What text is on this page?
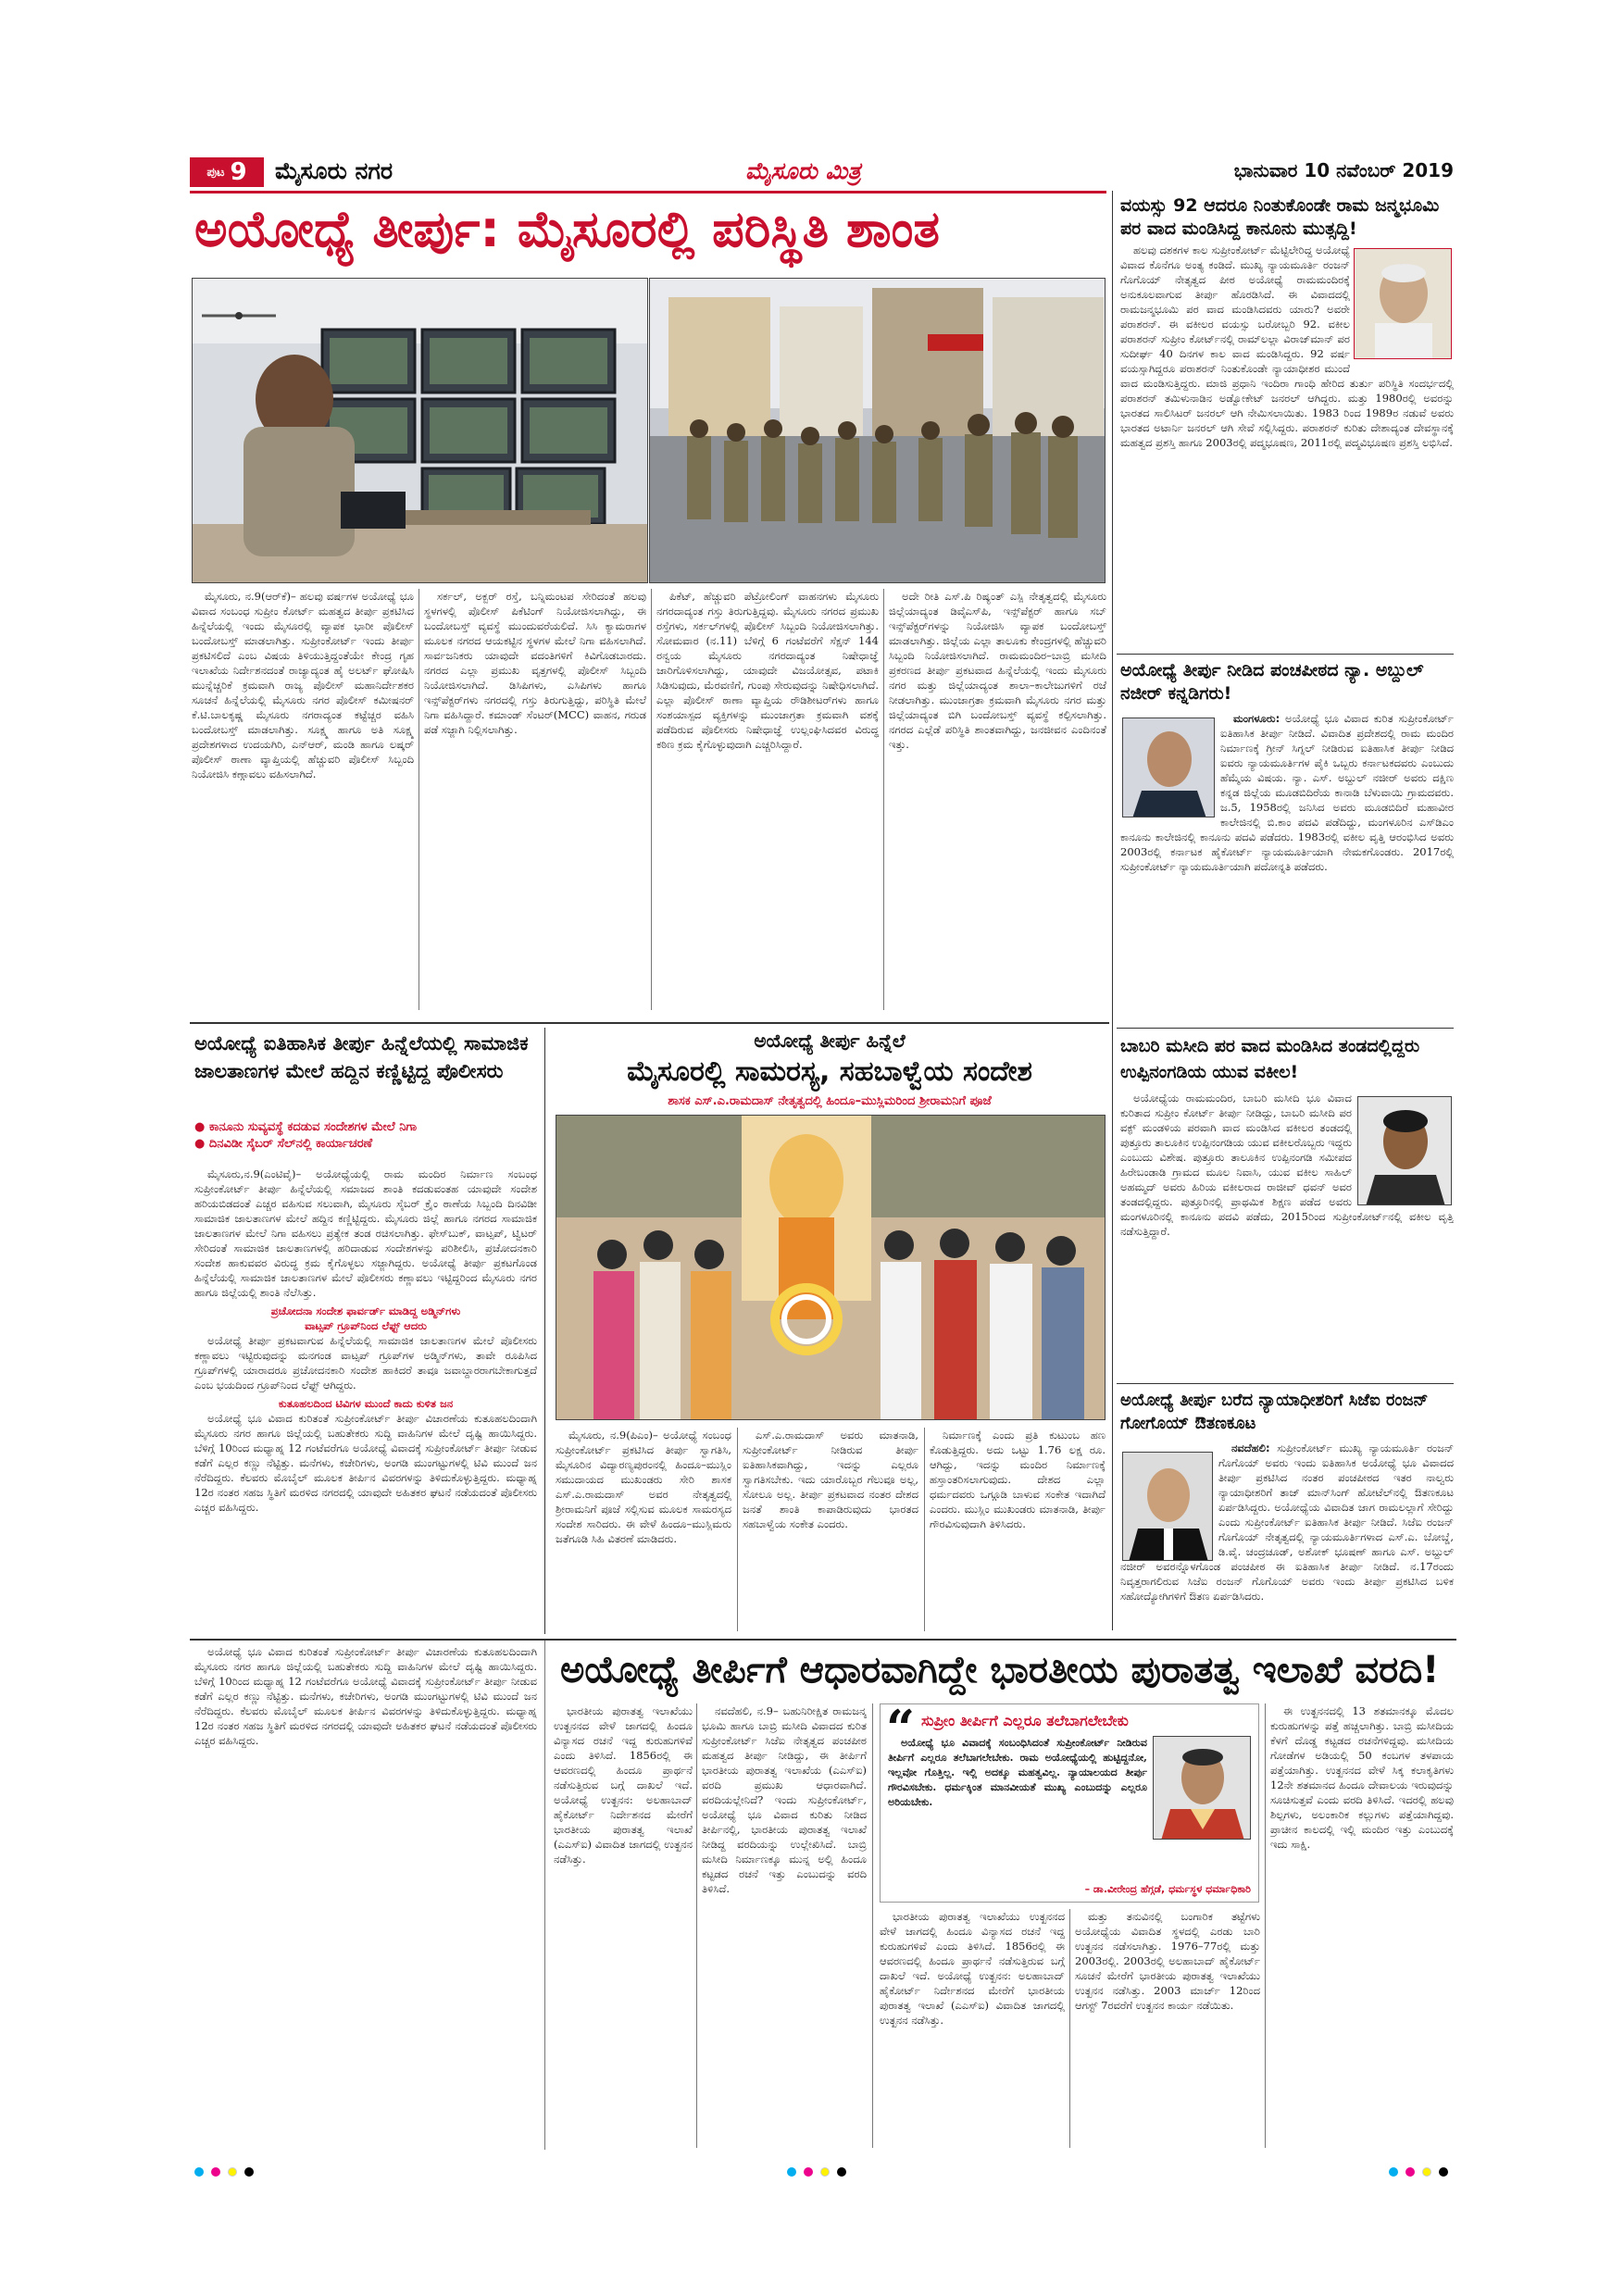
ಪುಟ 9 ಮೈಸೂರು ನಗರ	ಮೈಸೂರು ಮಿತ್ರ	ಭಾನುವಾರ 10 ನವೆಂಬರ್ 2019
ಅಯೋಧ್ಯೆ ತೀರ್ಪು: ಮೈಸೂರಲ್ಲಿ ಪರಿಸ್ಥಿತಿ ಶಾಂತ

ಮೈಸೂರು, ನ.9(ಆರ್‌ಕೆ)– ಹಲವು ವರ್ಷಗಳ ಅಯೋಧ್ಯೆ ಭೂ ವಿವಾದ ಸಂಬಂಧ ಸುಪ್ರೀಂ ಕೋರ್ಟ್ ಮಹತ್ವದ ತೀರ್ಪು ಪ್ರಕಟಿಸಿದ ಹಿನ್ನೆಲೆಯಲ್ಲಿ ಇಂದು ಮೈಸೂರಲ್ಲಿ ವ್ಯಾಪಕ ಭಾರೀ ಪೊಲೀಸ್ ಬಂದೋಬಸ್ತ್ ಮಾಡಲಾಗಿತ್ತು. ಸುಪ್ರೀಂಕೋರ್ಟ್ ಇಂದು ತೀರ್ಪು ಪ್ರಕಟಿಸಲಿದೆ ಎಂಬ ವಿಷಯ ತಿಳಿಯುತ್ತಿದ್ದಂತೆಯೇ ಕೇಂದ್ರ ಗೃಹ ಇಲಾಖೆಯ ನಿರ್ದೇಶನದಂತೆ ರಾಜ್ಯಾದ್ಯಂತ ಹೈ ಅಲರ್ಟ್ ಘೋಷಿಸಿ ಮುನ್ನೆಚ್ಚರಿಕೆ ಕ್ರಮವಾಗಿ ರಾಜ್ಯ ಪೊಲೀಸ್ ಮಹಾನಿರ್ದೇಶಕರ ಸೂಚನೆ ಹಿನ್ನೆಲೆಯಲ್ಲಿ ಮೈಸೂರು ನಗರ ಪೊಲೀಸ್ ಕಮೀಷನರ್ ಕೆ.ಟಿ.ಬಾಲಕೃಷ್ಣ ಮೈಸೂರು ನಗರಾದ್ಯಂತ ಕಟ್ಟೆಚ್ಚರ ವಹಿಸಿ ಬಂದೋಬಸ್ತ್ ಮಾಡಲಾಗಿತ್ತು. ಸೂಕ್ಷ್ಮ ಹಾಗೂ ಅತಿ ಸೂಕ್ಷ್ಮ ಪ್ರದೇಶಗಳಾದ ಉದಯಗಿರಿ, ಎನ್‌ಆರ್, ಮಂಡಿ ಹಾಗೂ ಲಷ್ಕರ್ ಪೊಲೀಸ್ ಠಾಣಾ ವ್ಯಾಪ್ತಿಯಲ್ಲಿ ಹೆಚ್ಚುವರಿ ಪೊಲೀಸ್ ಸಿಬ್ಬಂದಿ ನಿಯೋಜಿಸಿ ಕಣ್ಗಾವಲು ವಹಿಸಲಾಗಿದೆ.

ಸರ್ಕಲ್, ಅಕ್ಬರ್ ರಸ್ತೆ, ಬನ್ನಿಮಂಟಪ ಸೇರಿದಂತೆ ಹಲವು ಸ್ಥಳಗಳಲ್ಲಿ ಪೊಲೀಸ್ ಪಿಕೆಟಿಂಗ್ ನಿಯೋಜಿಸಲಾಗಿದ್ದು, ಈ ಬಂದೋಬಸ್ತ್ ವ್ಯವಸ್ಥೆ ಮುಂದುವರೆಯಲಿದೆ. ಸಿಸಿ ಕ್ಯಾಮರಾಗಳ ಮೂಲಕ ನಗರದ ಆಯಕಟ್ಟಿನ ಸ್ಥಳಗಳ ಮೇಲೆ ನಿಗಾ ವಹಿಸಲಾಗಿದೆ. ಸಾರ್ವಜನಿಕರು ಯಾವುದೇ ವದಂತಿಗಳಿಗೆ ಕಿವಿಗೊಡಬಾರದು. ನಗರದ ಎಲ್ಲಾ ಪ್ರಮುಖ ವೃತ್ತಗಳಲ್ಲಿ ಪೊಲೀಸ್ ಸಿಬ್ಬಂದಿ ನಿಯೋಜಿಸಲಾಗಿದೆ. ಡಿಸಿಪಿಗಳು, ಎಸಿಪಿಗಳು ಹಾಗೂ ಇನ್ಸ್‌ಪೆಕ್ಟರ್‌ಗಳು ನಗರದಲ್ಲಿ ಗಸ್ತು ತಿರುಗುತ್ತಿದ್ದು, ಪರಿಸ್ಥಿತಿ ಮೇಲೆ ನಿಗಾ ವಹಿಸಿದ್ದಾರೆ. ಕಮಾಂಡ್ ಸೆಂಟರ್(MCC) ವಾಹನ, ಗರುಡ ಪಡೆ ಸಜ್ಜಾಗಿ ನಿಲ್ಲಿಸಲಾಗಿತ್ತು.

ಪಿಕೆಟ್, ಹೆಚ್ಚುವರಿ ಪೆಟ್ರೋಲಿಂಗ್ ವಾಹನಗಳು ಮೈಸೂರು ನಗರದಾದ್ಯಂತ ಗಸ್ತು ತಿರುಗುತ್ತಿದ್ದವು. ಮೈಸೂರು ನಗರದ ಪ್ರಮುಖ ರಸ್ತೆಗಳು, ಸರ್ಕಲ್‌ಗಳಲ್ಲಿ ಪೊಲೀಸ್ ಸಿಬ್ಬಂದಿ ನಿಯೋಜಿಸಲಾಗಿತ್ತು. ಸೋಮವಾರ (ನ.11) ಬೆಳಿಗ್ಗೆ 6 ಗಂಟೆವರೆಗೆ ಸೆಕ್ಷನ್ 144 ರನ್ವಯ ಮೈಸೂರು ನಗರದಾದ್ಯಂತ ನಿಷೇಧಾಜ್ಞೆ ಜಾರಿಗೊಳಿಸಲಾಗಿದ್ದು, ಯಾವುದೇ ವಿಜಯೋತ್ಸವ, ಪಟಾಕಿ ಸಿಡಿಸುವುದು, ಮೆರವಣಿಗೆ, ಗುಂಪು ಸೇರುವುದನ್ನು ನಿಷೇಧಿಸಲಾಗಿದೆ. ಎಲ್ಲಾ ಪೊಲೀಸ್ ಠಾಣಾ ವ್ಯಾಪ್ತಿಯ ರೌಡಿಶೀಟರ್‌ಗಳು ಹಾಗೂ ಸಂಶಯಾಸ್ಪದ ವ್ಯಕ್ತಿಗಳನ್ನು ಮುಂಜಾಗ್ರತಾ ಕ್ರಮವಾಗಿ ವಶಕ್ಕೆ ಪಡೆದಿರುವ ಪೊಲೀಸರು ನಿಷೇಧಾಜ್ಞೆ ಉಲ್ಲಂಘಿಸಿದವರ ವಿರುದ್ಧ ಕಠಿಣ ಕ್ರಮ ಕೈಗೊಳ್ಳುವುದಾಗಿ ಎಚ್ಚರಿಸಿದ್ದಾರೆ.

ಅದೇ ರೀತಿ ಎಸ್.ಪಿ ರಿಷ್ಯಂತ್ ಎಸ್ಪಿ ನೇತೃತ್ವದಲ್ಲಿ ಮೈಸೂರು ಜಿಲ್ಲೆಯಾದ್ಯಂತ ಡಿವೈಎಸ್‌ಪಿ, ಇನ್ಸ್‌ಪೆಕ್ಟರ್ ಹಾಗೂ ಸಬ್ ಇನ್ಸ್‌ಪೆಕ್ಟರ್‌ಗಳನ್ನು ನಿಯೋಜಿಸಿ ವ್ಯಾಪಕ ಬಂದೋಬಸ್ತ್ ಮಾಡಲಾಗಿತ್ತು. ಜಿಲ್ಲೆಯ ಎಲ್ಲಾ ತಾಲೂಕು ಕೇಂದ್ರಗಳಲ್ಲಿ ಹೆಚ್ಚುವರಿ ಸಿಬ್ಬಂದಿ ನಿಯೋಜಿಸಲಾಗಿದೆ. ರಾಮಮಂದಿರ–ಬಾಬ್ರಿ ಮಸೀದಿ ಪ್ರಕರಣದ ತೀರ್ಪು ಪ್ರಕಟವಾದ ಹಿನ್ನೆಲೆಯಲ್ಲಿ ಇಂದು ಮೈಸೂರು ನಗರ ಮತ್ತು ಜಿಲ್ಲೆಯಾದ್ಯಂತ ಶಾಲಾ–ಕಾಲೇಜುಗಳಿಗೆ ರಜೆ ನೀಡಲಾಗಿತ್ತು. ಮುಂಜಾಗ್ರತಾ ಕ್ರಮವಾಗಿ ಮೈಸೂರು ನಗರ ಮತ್ತು ಜಿಲ್ಲೆಯಾದ್ಯಂತ ಬಿಗಿ ಬಂದೋಬಸ್ತ್ ವ್ಯವಸ್ಥೆ ಕಲ್ಪಿಸಲಾಗಿತ್ತು. ನಗರದ ಎಲ್ಲೆಡೆ ಪರಿಸ್ಥಿತಿ ಶಾಂತವಾಗಿದ್ದು, ಜನಜೀವನ ಎಂದಿನಂತೆ ಇತ್ತು.

ವಯಸ್ಸು 92 ಆದರೂ ನಿಂತುಕೊಂಡೇ ರಾಮ ಜನ್ಮಭೂಮಿ ಪರ ವಾದ ಮಂಡಿಸಿದ್ದ ಕಾನೂನು ಮುತ್ಸದ್ದಿ!

ಹಲವು ದಶಕಗಳ ಕಾಲ ಸುಪ್ರೀಂಕೋರ್ಟ್ ಮೆಟ್ಟಿಲೇರಿದ್ದ ಅಯೋಧ್ಯೆ ವಿವಾದ ಕೊನೆಗೂ ಅಂತ್ಯ ಕಂಡಿದೆ. ಮುಖ್ಯ ನ್ಯಾಯಮೂರ್ತಿ ರಂಜನ್ ಗೊಗೊಯ್ ನೇತೃತ್ವದ ಪೀಠ ಅಯೋಧ್ಯೆ ರಾಮಮಂದಿರಕ್ಕೆ ಅನುಕೂಲವಾಗುವ ತೀರ್ಪು ಹೊರಡಿಸಿದೆ. ಈ ವಿವಾದದಲ್ಲಿ ರಾಮಜನ್ಮಭೂಮಿ ಪರ ವಾದ ಮಂಡಿಸಿದವರು ಯಾರು? ಅವರೇ ಪರಾಶರನ್. ಈ ವಕೀಲರ ವಯಸ್ಸು ಬರೋಬ್ಬರಿ 92. ವಕೀಲ ಪರಾಶರನ್ ಸುಪ್ರೀಂ ಕೋರ್ಟ್‌ನಲ್ಲಿ ರಾಮ್‌ಲಲ್ಲಾ ವಿರಾಜ್‌ಮಾನ್ ಪರ ಸುದೀರ್ಘ 40 ದಿನಗಳ ಕಾಲ ವಾದ ಮಂಡಿಸಿದ್ದರು. 92 ವರ್ಷ ವಯಸ್ಸಾಗಿದ್ದರೂ ಪರಾಶರನ್ ನಿಂತುಕೊಂಡೇ ನ್ಯಾಯಾಧೀಶರ ಮುಂದೆ ವಾದ ಮಂಡಿಸುತ್ತಿದ್ದರು. ಮಾಜಿ ಪ್ರಧಾನಿ ಇಂದಿರಾ ಗಾಂಧಿ ಹೇರಿದ ತುರ್ತು ಪರಿಸ್ಥಿತಿ ಸಂದರ್ಭದಲ್ಲಿ ಪರಾಶರನ್ ತಮಿಳುನಾಡಿನ ಅಡ್ವೋಕೇಟ್ ಜನರಲ್ ಆಗಿದ್ದರು. ಮತ್ತು 1980ರಲ್ಲಿ ಅವರನ್ನು ಭಾರತದ ಸಾಲಿಸಿಟರ್ ಜನರಲ್ ಆಗಿ ನೇಮಿಸಲಾಯಿತು. 1983 ರಿಂದ 1989ರ ನಡುವೆ ಅವರು ಭಾರತದ ಅಟಾರ್ನಿ ಜನರಲ್ ಆಗಿ ಸೇವೆ ಸಲ್ಲಿಸಿದ್ದರು. ಪರಾಶರನ್ ಕುರಿತು ದೇಶಾದ್ಯಂತ ದೇವಸ್ಥಾನಕ್ಕೆ ಮಹತ್ವದ ಪ್ರಶಸ್ತಿ ಹಾಗೂ 2003ರಲ್ಲಿ ಪದ್ಮಭೂಷಣ, 2011ರಲ್ಲಿ ಪದ್ಮವಿಭೂಷಣ ಪ್ರಶಸ್ತಿ ಲಭಿಸಿದೆ.

ಅಯೋಧ್ಯೆ ತೀರ್ಪು ನೀಡಿದ ಪಂಚಪೀಠದ ನ್ಯಾ. ಅಬ್ದುಲ್ ನಜೀರ್ ಕನ್ನಡಿಗರು!

ಮಂಗಳೂರು: ಅಯೋಧ್ಯೆ ಭೂ ವಿವಾದ ಕುರಿತ ಸುಪ್ರೀಂಕೋರ್ಟ್ ಐತಿಹಾಸಿಕ ತೀರ್ಪು ನೀಡಿದೆ. ವಿವಾದಿತ ಪ್ರದೇಶದಲ್ಲಿ ರಾಮ ಮಂದಿರ ನಿರ್ಮಾಣಕ್ಕೆ ಗ್ರೀನ್ ಸಿಗ್ನಲ್ ನೀಡಿರುವ ಐತಿಹಾಸಿಕ ತೀರ್ಪು ನೀಡಿದ ಐವರು ನ್ಯಾಯಮೂರ್ತಿಗಳ ಪೈಕಿ ಒಬ್ಬರು ಕರ್ನಾಟಕದವರು ಎಂಬುದು ಹೆಮ್ಮೆಯ ವಿಷಯ. ನ್ಯಾ. ಎಸ್. ಅಬ್ದುಲ್ ನಜೀರ್ ಅವರು ದಕ್ಷಿಣ ಕನ್ನಡ ಜಿಲ್ಲೆಯ ಮೂಡಬಿದಿರೆಯ ಕಾನಾಡಿ ಬೆಳುವಾಯಿ ಗ್ರಾಮದವರು. ಜ.5, 1958ರಲ್ಲಿ ಜನಿಸಿದ ಅವರು ಮೂಡಬಿದಿರೆ ಮಹಾವೀರ ಕಾಲೇಜಿನಲ್ಲಿ ಬಿ.ಕಾಂ ಪದವಿ ಪಡೆದಿದ್ದು, ಮಂಗಳೂರಿನ ಎಸ್‌ಡಿಎಂ ಕಾನೂನು ಕಾಲೇಜಿನಲ್ಲಿ ಕಾನೂನು ಪದವಿ ಪಡೆದರು. 1983ರಲ್ಲಿ ವಕೀಲ ವೃತ್ತಿ ಆರಂಭಿಸಿದ ಅವರು 2003ರಲ್ಲಿ ಕರ್ನಾಟಕ ಹೈಕೋರ್ಟ್ ನ್ಯಾಯಮೂರ್ತಿಯಾಗಿ ನೇಮಕಗೊಂಡರು. 2017ರಲ್ಲಿ ಸುಪ್ರೀಂಕೋರ್ಟ್ ನ್ಯಾಯಮೂರ್ತಿಯಾಗಿ ಪದೋನ್ನತಿ ಪಡೆದರು.

ಬಾಬರಿ ಮಸೀದಿ ಪರ ವಾದ ಮಂಡಿಸಿದ ತಂಡದಲ್ಲಿದ್ದರು ಉಪ್ಪಿನಂಗಡಿಯ ಯುವ ವಕೀಲ!

ಅಯೋಧ್ಯೆಯ ರಾಮಮಂದಿರ, ಬಾಬರಿ ಮಸೀದಿ ಭೂ ವಿವಾದ ಕುರಿತಾದ ಸುಪ್ರೀಂ ಕೋರ್ಟ್ ತೀರ್ಪು ನೀಡಿದ್ದು, ಬಾಬರಿ ಮಸೀದಿ ಪರ ವಕ್ಫ್ ಮಂಡಳಿಯ ಪರವಾಗಿ ವಾದ ಮಂಡಿಸಿದ ವಕೀಲರ ತಂಡದಲ್ಲಿ ಪುತ್ತೂರು ತಾಲೂಕಿನ ಉಪ್ಪಿನಂಗಡಿಯ ಯುವ ವಕೀಲರೊಬ್ಬರು ಇದ್ದರು ಎಂಬುದು ವಿಶೇಷ. ಪುತ್ತೂರು ತಾಲೂಕಿನ ಉಪ್ಪಿನಂಗಡಿ ಸಮೀಪದ ಹಿರೇಬಂಡಾಡಿ ಗ್ರಾಮದ ಮೂಲ ನಿವಾಸಿ, ಯುವ ವಕೀಲ ಸಾಹಿಲ್ ಅಹಮ್ಮದ್ ಅವರು ಹಿರಿಯ ವಕೀಲರಾದ ರಾಜೀವ್ ಧವನ್ ಅವರ ತಂಡದಲ್ಲಿದ್ದರು. ಪುತ್ತೂರಿನಲ್ಲಿ ಪ್ರಾಥಮಿಕ ಶಿಕ್ಷಣ ಪಡೆದ ಅವರು ಮಂಗಳೂರಿನಲ್ಲಿ ಕಾನೂನು ಪದವಿ ಪಡೆದು, 2015ರಿಂದ ಸುಪ್ರೀಂಕೋರ್ಟ್‌ನಲ್ಲಿ ವಕೀಲ ವೃತ್ತಿ ನಡೆಸುತ್ತಿದ್ದಾರೆ.

ಅಯೋಧ್ಯೆ ತೀರ್ಪು ಬರೆದ ನ್ಯಾಯಾಧೀಶರಿಗೆ ಸಿಜೆಐ ರಂಜನ್ ಗೋಗೊಯ್ ಔತಣಕೂಟ

ನವದೆಹಲಿ: ಸುಪ್ರೀಂಕೋರ್ಟ್ ಮುಖ್ಯ ನ್ಯಾಯಮೂರ್ತಿ ರಂಜನ್ ಗೊಗೊಯ್ ಅವರು ಇಂದು ಐತಿಹಾಸಿಕ ಅಯೋಧ್ಯೆ ಭೂ ವಿವಾದದ ತೀರ್ಪು ಪ್ರಕಟಿಸಿದ ನಂತರ ಪಂಚಪೀಠದ ಇತರ ನಾಲ್ವರು ನ್ಯಾಯಾಧೀಶರಿಗೆ ತಾಜ್ ಮಾನ್‌ಸಿಂಗ್ ಹೋಟೆಲ್‌ನಲ್ಲಿ ಔತಣಕೂಟ ಏರ್ಪಡಿಸಿದ್ದರು. ಅಯೋಧ್ಯೆಯ ವಿವಾದಿತ ಜಾಗ ರಾಮಲಲ್ಲಾಗೆ ಸೇರಿದ್ದು ಎಂದು ಸುಪ್ರೀಂಕೋರ್ಟ್ ಐತಿಹಾಸಿಕ ತೀರ್ಪು ನೀಡಿದೆ. ಸಿಜೆಐ ರಂಜನ್ ಗೊಗೊಯ್ ನೇತೃತ್ವದಲ್ಲಿ ನ್ಯಾಯಮೂರ್ತಿಗಳಾದ ಎಸ್.ಎ. ಬೋಬ್ಡೆ, ಡಿ.ವೈ. ಚಂದ್ರಚೂಡ್, ಅಶೋಕ್ ಭೂಷಣ್ ಹಾಗೂ ಎಸ್. ಅಬ್ದುಲ್ ನಜೀರ್ ಅವರನ್ನೊಳಗೊಂಡ ಪಂಚಪೀಠ ಈ ಐತಿಹಾಸಿಕ ತೀರ್ಪು ನೀಡಿದೆ. ನ.17ರಂದು ನಿವೃತ್ತರಾಗಲಿರುವ ಸಿಜೆಐ ರಂಜನ್ ಗೊಗೊಯ್ ಅವರು ಇಂದು ತೀರ್ಪು ಪ್ರಕಟಿಸಿದ ಬಳಿಕ ಸಹೋದ್ಯೋಗಿಗಳಿಗೆ ಔತಣ ಏರ್ಪಡಿಸಿದರು.

ಅಯೋಧ್ಯೆ ಐತಿಹಾಸಿಕ ತೀರ್ಪು ಹಿನ್ನೆಲೆಯಲ್ಲಿ ಸಾಮಾಜಿಕ ಜಾಲತಾಣಗಳ ಮೇಲೆ ಹದ್ದಿನ ಕಣ್ಣಿಟ್ಟಿದ್ದ ಪೊಲೀಸರು
● ಕಾನೂನು ಸುವ್ಯವಸ್ಥೆ ಕದಡುವ ಸಂದೇಶಗಳ ಮೇಲೆ ನಿಗಾ
● ದಿನವಿಡೀ ಸೈಬರ್ ಸೆಲ್‌ನಲ್ಲಿ ಕಾರ್ಯಾಚರಣೆ

ಮೈಸೂರು,ನ.9(ಎಂಟಿವೈ)– ಅಯೋಧ್ಯೆಯಲ್ಲಿ ರಾಮ ಮಂದಿರ ನಿರ್ಮಾಣ ಸಂಬಂಧ ಸುಪ್ರೀಂಕೋರ್ಟ್ ತೀರ್ಪು ಹಿನ್ನೆಲೆಯಲ್ಲಿ ಸಮಾಜದ ಶಾಂತಿ ಕದಡುವಂತಹ ಯಾವುದೇ ಸಂದೇಶ ಹರಿಯಬಿಡದಂತೆ ಎಚ್ಚರ ವಹಿಸುವ ಸಲುವಾಗಿ, ಮೈಸೂರು ಸೈಬರ್ ಕ್ರೈಂ ಠಾಣೆಯ ಸಿಬ್ಬಂದಿ ದಿನವಿಡೀ ಸಾಮಾಜಿಕ ಜಾಲತಾಣಗಳ ಮೇಲೆ ಹದ್ದಿನ ಕಣ್ಣಿಟ್ಟಿದ್ದರು. ಮೈಸೂರು ಜಿಲ್ಲೆ ಹಾಗೂ ನಗರದ ಸಾಮಾಜಿಕ ಜಾಲತಾಣಗಳ ಮೇಲೆ ನಿಗಾ ವಹಿಸಲು ಪ್ರತ್ಯೇಕ ತಂಡ ರಚಿಸಲಾಗಿತ್ತು. ಫೇಸ್‌ಬುಕ್, ವಾಟ್ಸಪ್, ಟ್ವಿಟರ್ ಸೇರಿದಂತೆ ಸಾಮಾಜಿಕ ಜಾಲತಾಣಗಳಲ್ಲಿ ಹರಿದಾಡುವ ಸಂದೇಶಗಳನ್ನು ಪರಿಶೀಲಿಸಿ, ಪ್ರಚೋದನಕಾರಿ ಸಂದೇಶ ಹಾಕುವವರ ವಿರುದ್ಧ ಕ್ರಮ ಕೈಗೊಳ್ಳಲು ಸಜ್ಜಾಗಿದ್ದರು. ಅಯೋಧ್ಯೆ ತೀರ್ಪು ಪ್ರಕಟಗೊಂಡ ಹಿನ್ನೆಲೆಯಲ್ಲಿ ಸಾಮಾಜಿಕ ಜಾಲತಾಣಗಳ ಮೇಲೆ ಪೊಲೀಸರು ಕಣ್ಣಾವಲು ಇಟ್ಟಿದ್ದರಿಂದ ಮೈಸೂರು ನಗರ ಹಾಗೂ ಜಿಲ್ಲೆಯಲ್ಲಿ ಶಾಂತಿ ನೆಲೆಸಿತ್ತು.

ಪ್ರಚೋದನಾ ಸಂದೇಶ ಫಾರ್ವರ್ಡ್ ಮಾಡಿದ್ದ ಅಡ್ಮಿನ್‌ಗಳು
ವಾಟ್ಸಪ್ ಗ್ರೂಪ್‌ನಿಂದ ಲೆಫ್ಟ್ ಆದರು

ಅಯೋಧ್ಯೆ ತೀರ್ಪು ಪ್ರಕಟವಾಗುವ ಹಿನ್ನೆಲೆಯಲ್ಲಿ ಸಾಮಾಜಿಕ ಜಾಲತಾಣಗಳ ಮೇಲೆ ಪೊಲೀಸರು ಕಣ್ಣಾವಲು ಇಟ್ಟಿರುವುದನ್ನು ಮನಗಂಡ ವಾಟ್ಸಪ್ ಗ್ರೂಪ್‌ಗಳ ಅಡ್ಮಿನ್‌ಗಳು, ತಾವೇ ರೂಪಿಸಿದ ಗ್ರೂಪ್‌ಗಳಲ್ಲಿ ಯಾರಾದರೂ ಪ್ರಚೋದನಕಾರಿ ಸಂದೇಶ ಹಾಕಿದರೆ ತಾವೂ ಜವಾಬ್ದಾರರಾಗಬೇಕಾಗುತ್ತದೆ ಎಂಬ ಭಯದಿಂದ ಗ್ರೂಪ್‌ನಿಂದ ಲೆಫ್ಟ್ ಆಗಿದ್ದರು.

ಕುತೂಹಲದಿಂದ ಟಿವಿಗಳ ಮುಂದೆ ಕಾದು ಕುಳಿತ ಜನ

ಅಯೋಧ್ಯೆ ಭೂ ವಿವಾದ ಕುರಿತಂತೆ ಸುಪ್ರೀಂಕೋರ್ಟ್ ತೀರ್ಪು ವಿಚಾರಣೆಯ ಕುತೂಹಲದಿಂದಾಗಿ ಮೈಸೂರು ನಗರ ಹಾಗೂ ಜಿಲ್ಲೆಯಲ್ಲಿ ಬಹುತೇಕರು ಸುದ್ದಿ ವಾಹಿನಿಗಳ ಮೇಲೆ ದೃಷ್ಟಿ ಹಾಯಿಸಿದ್ದರು. ಬೆಳಿಗ್ಗೆ 10ರಿಂದ ಮಧ್ಯಾಹ್ನ 12 ಗಂಟೆವರೆಗೂ ಅಯೋಧ್ಯೆ ವಿವಾದಕ್ಕೆ ಸುಪ್ರೀಂಕೋರ್ಟ್ ತೀರ್ಪು ನೀಡುವ ಕಡೆಗೆ ಎಲ್ಲರ ಕಣ್ಣು ನೆಟ್ಟಿತ್ತು. ಮನೆಗಳು, ಕಚೇರಿಗಳು, ಅಂಗಡಿ ಮುಂಗಟ್ಟುಗಳಲ್ಲಿ ಟಿವಿ ಮುಂದೆ ಜನ ನೆರೆದಿದ್ದರು. ಕೆಲವರು ಮೊಬೈಲ್ ಮೂಲಕ ತೀರ್ಪಿನ ವಿವರಗಳನ್ನು ತಿಳಿದುಕೊಳ್ಳುತ್ತಿದ್ದರು. ಮಧ್ಯಾಹ್ನ 12ರ ನಂತರ ಸಹಜ ಸ್ಥಿತಿಗೆ ಮರಳಿದ ನಗರದಲ್ಲಿ ಯಾವುದೇ ಅಹಿತಕರ ಘಟನೆ ನಡೆಯದಂತೆ ಪೊಲೀಸರು ಎಚ್ಚರ ವಹಿಸಿದ್ದರು.

ಅಯೋಧ್ಯೆ ತೀರ್ಪು ಹಿನ್ನೆಲೆ
ಮೈಸೂರಲ್ಲಿ ಸಾಮರಸ್ಯ, ಸಹಬಾಳ್ವೆಯ ಸಂದೇಶ
ಶಾಸಕ ಎಸ್.ಎ.ರಾಮದಾಸ್ ನೇತೃತ್ವದಲ್ಲಿ ಹಿಂದೂ–ಮುಸ್ಲಿಮರಿಂದ ಶ್ರೀರಾಮನಿಗೆ ಪೂಜೆ

ಮೈಸೂರು, ನ.9(ಪಿಎಂ)– ಅಯೋಧ್ಯೆ ಸಂಬಂಧ ಸುಪ್ರೀಂಕೋರ್ಟ್ ಪ್ರಕಟಿಸಿದ ತೀರ್ಪು ಸ್ವಾಗತಿಸಿ, ಮೈಸೂರಿನ ವಿದ್ಯಾರಣ್ಯಪುರಂನಲ್ಲಿ ಹಿಂದೂ–ಮುಸ್ಲಿಂ ಸಮುದಾಯದ ಮುಖಂಡರು ಸೇರಿ ಶಾಸಕ ಎಸ್.ಎ.ರಾಮದಾಸ್ ಅವರ ನೇತೃತ್ವದಲ್ಲಿ ಶ್ರೀರಾಮನಿಗೆ ಪೂಜೆ ಸಲ್ಲಿಸುವ ಮೂಲಕ ಸಾಮರಸ್ಯದ ಸಂದೇಶ ಸಾರಿದರು. ಈ ವೇಳೆ ಹಿಂದೂ–ಮುಸ್ಲಿಮರು ಜತೆಗೂಡಿ ಸಿಹಿ ವಿತರಣೆ ಮಾಡಿದರು.

ಎಸ್.ಎ.ರಾಮದಾಸ್ ಅವರು ಮಾತನಾಡಿ, ಸುಪ್ರೀಂಕೋರ್ಟ್ ನೀಡಿರುವ ತೀರ್ಪು ಐತಿಹಾಸಿಕವಾಗಿದ್ದು, ಇದನ್ನು ಎಲ್ಲರೂ ಸ್ವಾಗತಿಸಬೇಕು. ಇದು ಯಾರೊಬ್ಬರ ಗೆಲುವೂ ಅಲ್ಲ, ಸೋಲೂ ಅಲ್ಲ. ತೀರ್ಪು ಪ್ರಕಟವಾದ ನಂತರ ದೇಶದ ಜನತೆ ಶಾಂತಿ ಕಾಪಾಡಿರುವುದು ಭಾರತದ ಸಹಬಾಳ್ವೆಯ ಸಂಕೇತ ಎಂದರು.

ನಿರ್ಮಾಣಕ್ಕೆ ಎಂದು ಪ್ರತಿ ಕುಟುಂಬ ಹಣ ಕೊಡುತ್ತಿದ್ದರು. ಅದು ಒಟ್ಟು 1.76 ಲಕ್ಷ ರೂ. ಆಗಿದ್ದು, ಇದನ್ನು ಮಂದಿರ ನಿರ್ಮಾಣಕ್ಕೆ ಹಸ್ತಾಂತರಿಸಲಾಗುವುದು. ದೇಶದ ಎಲ್ಲಾ ಧರ್ಮದವರು ಒಗ್ಗೂಡಿ ಬಾಳುವ ಸಂಕೇತ ಇದಾಗಿದೆ ಎಂದರು. ಮುಸ್ಲಿಂ ಮುಖಂಡರು ಮಾತನಾಡಿ, ತೀರ್ಪು ಗೌರವಿಸುವುದಾಗಿ ತಿಳಿಸಿದರು.

ಅಯೋಧ್ಯೆ ತೀರ್ಪಿಗೆ ಆಧಾರವಾಗಿದ್ದೇ ಭಾರತೀಯ ಪುರಾತತ್ವ ಇಲಾಖೆ ವರದಿ!

ನವದೆಹಲಿ, ನ.9– ಬಹುನಿರೀಕ್ಷಿತ ರಾಮಜನ್ಮ ಭೂಮಿ ಹಾಗೂ ಬಾಬ್ರಿ ಮಸೀದಿ ವಿವಾದದ ಕುರಿತ ಸುಪ್ರೀಂಕೋರ್ಟ್ ಸಿಜೆಐ ನೇತೃತ್ವದ ಪಂಚಪೀಠ ಮಹತ್ವದ ತೀರ್ಪು ನೀಡಿದ್ದು, ಈ ತೀರ್ಪಿಗೆ ಭಾರತೀಯ ಪುರಾತತ್ವ ಇಲಾಖೆಯ (ಎಎಸ್‌ಐ) ವರದಿ ಪ್ರಮುಖ ಆಧಾರವಾಗಿದೆ. ವರದಿಯಲ್ಲೇನಿದೆ? ಇಂದು ಸುಪ್ರೀಂಕೋರ್ಟ್, ಅಯೋಧ್ಯೆ ಭೂ ವಿವಾದ ಕುರಿತು ನೀಡಿದ ತೀರ್ಪಿನಲ್ಲಿ, ಭಾರತೀಯ ಪುರಾತತ್ವ ಇಲಾಖೆ ನೀಡಿದ್ದ ವರದಿಯನ್ನು ಉಲ್ಲೇಖಿಸಿದೆ. ಬಾಬ್ರಿ ಮಸೀದಿ ನಿರ್ಮಾಣಕ್ಕೂ ಮುನ್ನ ಅಲ್ಲಿ ಹಿಂದೂ ಕಟ್ಟಡದ ರಚನೆ ಇತ್ತು ಎಂಬುದನ್ನು ವರದಿ ತಿಳಿಸಿದೆ.

“ ಸುಪ್ರೀಂ ತೀರ್ಪಿಗೆ ಎಲ್ಲರೂ ತಲೆಬಾಗಲೇಬೇಕು

ಅಯೋಧ್ಯೆ ಭೂ ವಿವಾದಕ್ಕೆ ಸಂಬಂಧಿಸಿದಂತೆ ಸುಪ್ರೀಂಕೋರ್ಟ್ ನೀಡಿರುವ ತೀರ್ಪಿಗೆ ಎಲ್ಲರೂ ತಲೆಬಾಗಲೇಬೇಕು. ರಾಮ ಅಯೋಧ್ಯೆಯಲ್ಲಿ ಹುಟ್ಟಿದ್ದನೋ, ಇಲ್ಲವೋ ಗೊತ್ತಿಲ್ಲ. ಇಲ್ಲಿ ಅದಕ್ಕೂ ಮಹತ್ವವಿಲ್ಲ. ನ್ಯಾಯಾಲಯದ ತೀರ್ಪು ಗೌರವಿಸಬೇಕು. ಧರ್ಮಕ್ಕಿಂತ ಮಾನವೀಯತೆ ಮುಖ್ಯ ಎಂಬುದನ್ನು ಎಲ್ಲರೂ ಅರಿಯಬೇಕು.

– ಡಾ.ವೀರೇಂದ್ರ ಹೆಗ್ಗಡೆ, ಧರ್ಮಸ್ಥಳ ಧರ್ಮಾಧಿಕಾರಿ

ಭಾರತೀಯ ಪುರಾತತ್ವ ಇಲಾಖೆಯು ಉತ್ಖನನದ ವೇಳೆ ಜಾಗದಲ್ಲಿ ಹಿಂದೂ ವಿನ್ಯಾಸದ ರಚನೆ ಇದ್ದ ಕುರುಹುಗಳಿವೆ ಎಂದು ತಿಳಿಸಿದೆ. 1856ರಲ್ಲಿ ಈ ಆವರಣದಲ್ಲಿ ಹಿಂದೂ ಪ್ರಾರ್ಥನೆ ನಡೆಸುತ್ತಿರುವ ಬಗ್ಗೆ ದಾಖಲೆ ಇದೆ. ಅಯೋಧ್ಯೆ ಉತ್ಖನನ: ಅಲಹಾಬಾದ್ ಹೈಕೋರ್ಟ್ ನಿರ್ದೇಶನದ ಮೇರೆಗೆ ಭಾರತೀಯ ಪುರಾತತ್ವ ಇಲಾಖೆ (ಎಎಸ್‌ಐ) ವಿವಾದಿತ ಜಾಗದಲ್ಲಿ ಉತ್ಖನನ ನಡೆಸಿತ್ತು.

ಮತ್ತು ತನುವಿನಲ್ಲಿ ಬಂಗಾರಿಕ ತಟ್ಟೆಗಳು ಅಯೋಧ್ಯೆಯ ವಿವಾದಿತ ಸ್ಥಳದಲ್ಲಿ ಎರಡು ಬಾರಿ ಉತ್ಖನನ ನಡೆಸಲಾಗಿತ್ತು. 1976–77ರಲ್ಲಿ ಮತ್ತು 2003ರಲ್ಲಿ. 2003ರಲ್ಲಿ ಅಲಹಾಬಾದ್ ಹೈಕೋರ್ಟ್ ಸೂಚನೆ ಮೇರೆಗೆ ಭಾರತೀಯ ಪುರಾತತ್ವ ಇಲಾಖೆಯು ಉತ್ಖನನ ನಡೆಸಿತ್ತು. 2003 ಮಾರ್ಚ್ 12ರಿಂದ ಆಗಸ್ಟ್ 7ರವರೆಗೆ ಉತ್ಖನನ ಕಾರ್ಯ ನಡೆಯಿತು.

ಈ ಉತ್ಖನನದಲ್ಲಿ 13 ಶತಮಾನಕ್ಕೂ ಮೊದಲ ಕುರುಹುಗಳನ್ನು ಪತ್ತೆ ಹಚ್ಚಲಾಗಿತ್ತು. ಬಾಬ್ರಿ ಮಸೀದಿಯ ಕೆಳಗೆ ದೊಡ್ಡ ಕಟ್ಟಡದ ರಚನೆಗಳಿದ್ದವು. ಮಸೀದಿಯ ಗೋಡೆಗಳ ಅಡಿಯಲ್ಲಿ 50 ಕಂಬಗಳ ತಳಪಾಯ ಪತ್ತೆಯಾಗಿತ್ತು. ಉತ್ಖನನದ ವೇಳೆ ಸಿಕ್ಕ ಕಲಾಕೃತಿಗಳು 12ನೇ ಶತಮಾನದ ಹಿಂದೂ ದೇವಾಲಯ ಇರುವುದನ್ನು ಸೂಚಿಸುತ್ತವೆ ಎಂದು ವರದಿ ತಿಳಿಸಿದೆ. ಇದರಲ್ಲಿ ಹಲವು ಶಿಲ್ಪಗಳು, ಅಲಂಕಾರಿಕ ಕಲ್ಲುಗಳು ಪತ್ತೆಯಾಗಿದ್ದವು. ಪ್ರಾಚೀನ ಕಾಲದಲ್ಲಿ ಇಲ್ಲಿ ಮಂದಿರ ಇತ್ತು ಎಂಬುದಕ್ಕೆ ಇದು ಸಾಕ್ಷಿ.

ಅಯೋಧ್ಯೆ ಭೂ ವಿವಾದ ಕುರಿತಂತೆ ಸುಪ್ರೀಂಕೋರ್ಟ್ ತೀರ್ಪು ವಿಚಾರಣೆಯ ಕುತೂಹಲದಿಂದಾಗಿ ಮೈಸೂರು ನಗರ ಹಾಗೂ ಜಿಲ್ಲೆಯಲ್ಲಿ ಬಹುತೇಕರು ಸುದ್ದಿ ವಾಹಿನಿಗಳ ಮೇಲೆ ದೃಷ್ಟಿ ಹಾಯಿಸಿದ್ದರು. ಬೆಳಿಗ್ಗೆ 10ರಿಂದ ಮಧ್ಯಾಹ್ನ 12 ಗಂಟೆವರೆಗೂ ಅಯೋಧ್ಯೆ ವಿವಾದಕ್ಕೆ ಸುಪ್ರೀಂಕೋರ್ಟ್ ತೀರ್ಪು ನೀಡುವ ಕಡೆಗೆ ಎಲ್ಲರ ಕಣ್ಣು ನೆಟ್ಟಿತ್ತು. ಮನೆಗಳು, ಕಚೇರಿಗಳು, ಅಂಗಡಿ ಮುಂಗಟ್ಟುಗಳಲ್ಲಿ ಟಿವಿ ಮುಂದೆ ಜನ ನೆರೆದಿದ್ದರು. ಕೆಲವರು ಮೊಬೈಲ್ ಮೂಲಕ ತೀರ್ಪಿನ ವಿವರಗಳನ್ನು ತಿಳಿದುಕೊಳ್ಳುತ್ತಿದ್ದರು. ಮಧ್ಯಾಹ್ನ 12ರ ನಂತರ ಸಹಜ ಸ್ಥಿತಿಗೆ ಮರಳಿದ ನಗರದಲ್ಲಿ ಯಾವುದೇ ಅಹಿತಕರ ಘಟನೆ ನಡೆಯದಂತೆ ಪೊಲೀಸರು ಎಚ್ಚರ ವಹಿಸಿದ್ದರು.

ಭಾರತೀಯ ಪುರಾತತ್ವ ಇಲಾಖೆಯು ಉತ್ಖನನದ ವೇಳೆ ಜಾಗದಲ್ಲಿ ಹಿಂದೂ ವಿನ್ಯಾಸದ ರಚನೆ ಇದ್ದ ಕುರುಹುಗಳಿವೆ ಎಂದು ತಿಳಿಸಿದೆ. 1856ರಲ್ಲಿ ಈ ಆವರಣದಲ್ಲಿ ಹಿಂದೂ ಪ್ರಾರ್ಥನೆ ನಡೆಸುತ್ತಿರುವ ಬಗ್ಗೆ ದಾಖಲೆ ಇದೆ. ಅಯೋಧ್ಯೆ ಉತ್ಖನನ: ಅಲಹಾಬಾದ್ ಹೈಕೋರ್ಟ್ ನಿರ್ದೇಶನದ ಮೇರೆಗೆ ಭಾರತೀಯ ಪುರಾತತ್ವ ಇಲಾಖೆ (ಎಎಸ್‌ಐ) ವಿವಾದಿತ ಜಾಗದಲ್ಲಿ ಉತ್ಖನನ ನಡೆಸಿತ್ತು.
